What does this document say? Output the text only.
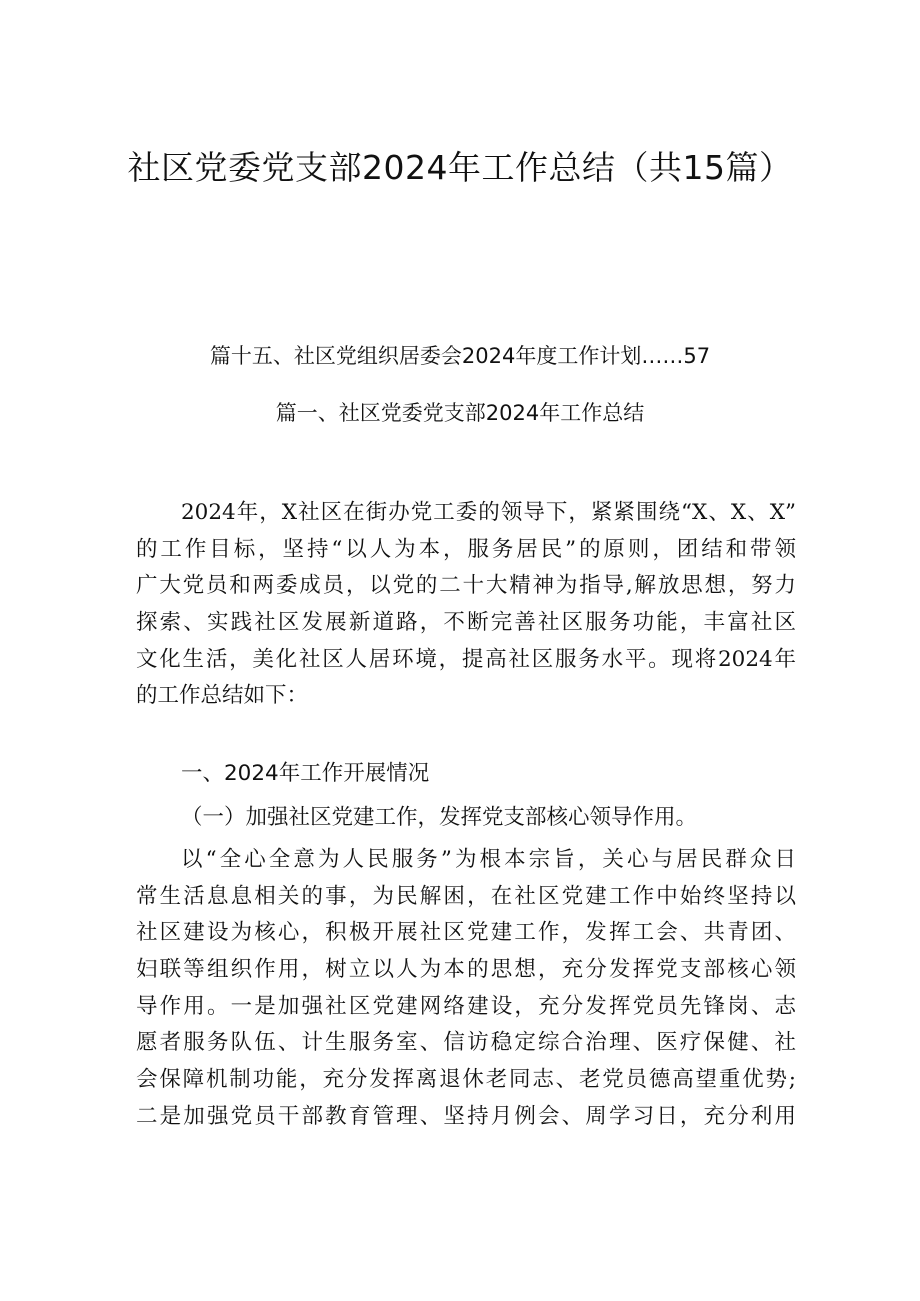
社区党委党支部2024年工作总结（共15篇）
篇十五、社区党组织居委会2024年度工作计划……57
篇一、社区党委党支部2024年工作总结
2024年，X社区在街办党工委的领导下，紧紧围绕“X、X、X”
的工作目标，坚持“以人为本，服务居民”的原则，团结和带领
广大党员和两委成员，以党的二十大精神为指导,解放思想，努力
探索、实践社区发展新道路，不断完善社区服务功能，丰富社区
文化生活，美化社区人居环境，提高社区服务水平。现将2024年
的工作总结如下：
一、2024年工作开展情况
（一）加强社区党建工作，发挥党支部核心领导作用。
以“全心全意为人民服务”为根本宗旨，关心与居民群众日
常生活息息相关的事，为民解困，在社区党建工作中始终坚持以
社区建设为核心，积极开展社区党建工作，发挥工会、共青团、
妇联等组织作用，树立以人为本的思想，充分发挥党支部核心领
导作用。一是加强社区党建网络建设，充分发挥党员先锋岗、志
愿者服务队伍、计生服务室、信访稳定综合治理、医疗保健、社
会保障机制功能，充分发挥离退休老同志、老党员德高望重优势;
二是加强党员干部教育管理、坚持月例会、周学习日，充分利用
